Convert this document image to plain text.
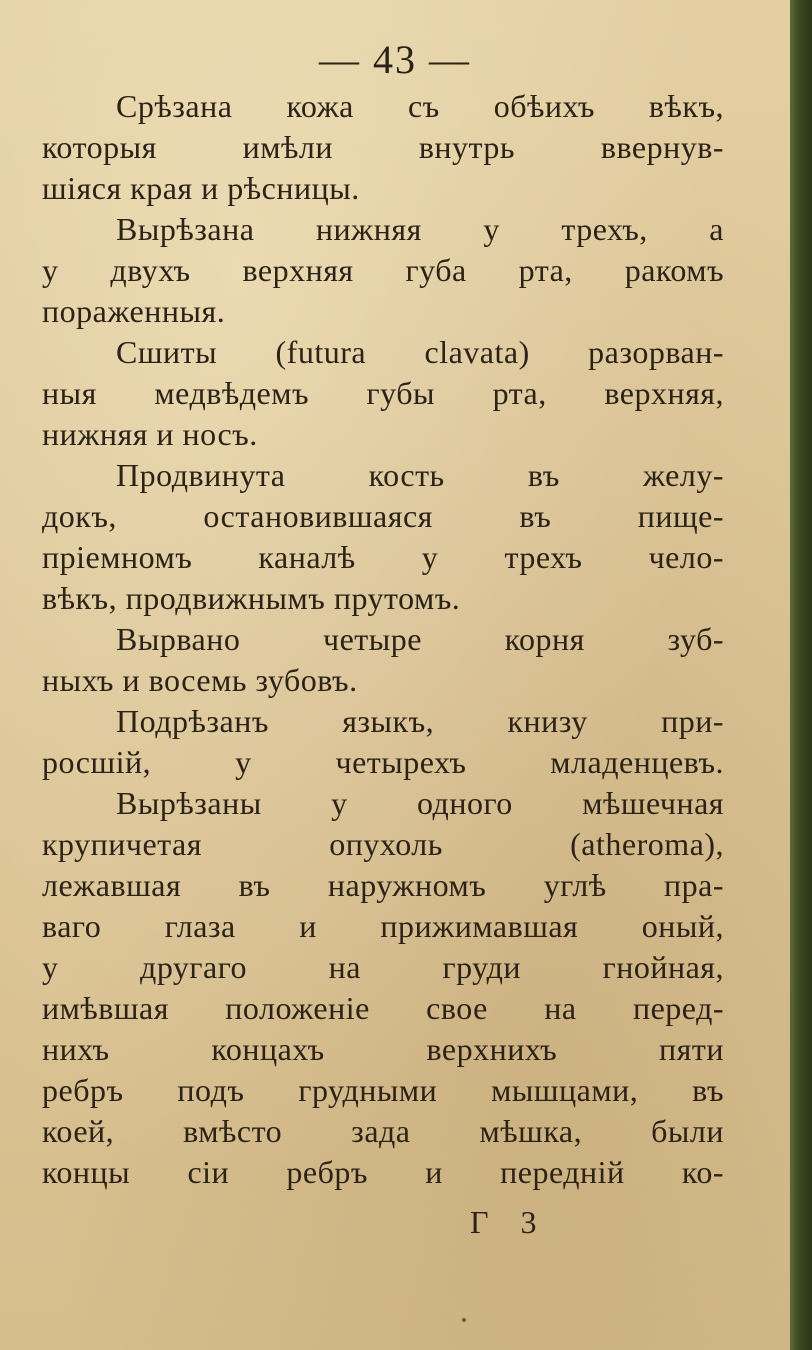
— 43 —
Срѣзана кожа съ обѣихъ вѣкъ,
которыя имѣли внутрь ввернув-
шіяся края и рѣсницы.
Вырѣзана нижняя у трехъ, а
у двухъ верхняя губа рта, ракомъ
пораженныя.
Сшиты (futura clavata) разорван-
ныя медвѣдемъ губы рта, верхняя,
нижняя и носъ.
Продвинута кость въ желу-
докъ, остановившаяся въ пище-
пріемномъ каналѣ у трехъ чело-
вѣкъ, продвижнымъ прутомъ.
Вырвано четыре корня зуб-
ныхъ и восемь зубовъ.
Подрѣзанъ языкъ, книзу при-
росшій, у четырехъ младенцевъ.
Вырѣзаны у одного мѣшечная
крупичетая опухоль (atheroma),
лежавшая въ наружномъ углѣ пра-
ваго глаза и прижимавшая оный,
у другаго на груди гнойная,
имѣвшая положеніе свое на перед-
нихъ концахъ верхнихъ пяти
ребръ подъ грудными мышцами, въ
коей, вмѣсто зада мѣшка, были
концы сіи ребръ и передній ко-
Г 3
